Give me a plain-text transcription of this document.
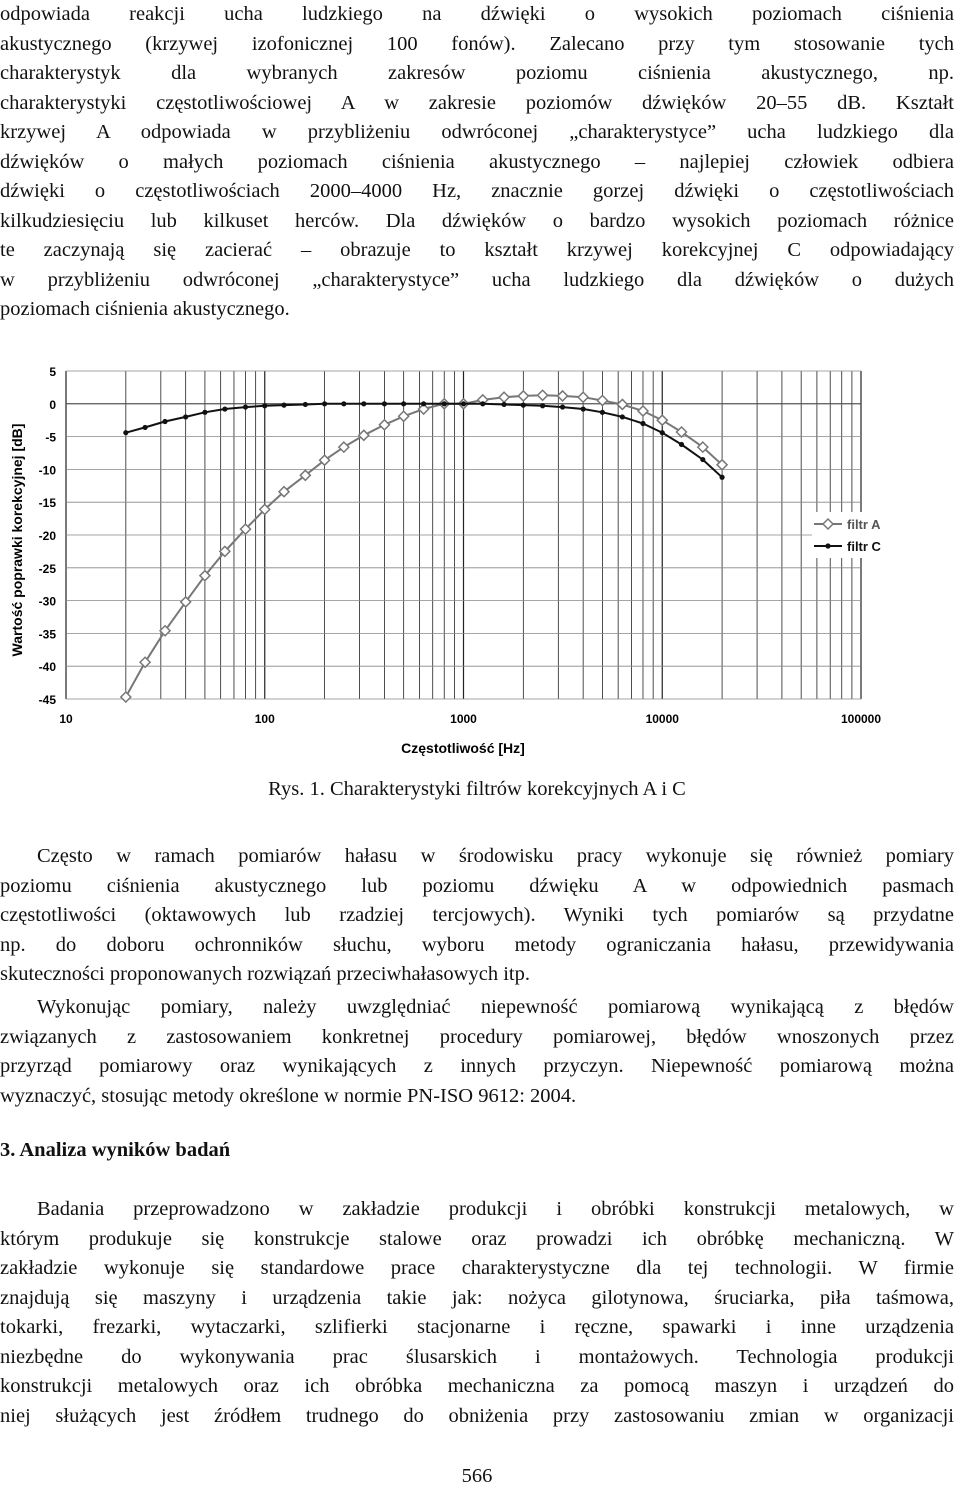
odpowiada reakcji ucha ludzkiego na dźwięki o wysokich poziomach ciśnienia
akustycznego (krzywej izofonicznej 100 fonów). Zalecano przy tym stosowanie tych
charakterystyk dla wybranych zakresów poziomu ciśnienia akustycznego, np.
charakterystyki częstotliwościowej A w zakresie poziomów dźwięków 20–55 dB. Kształt
krzywej A odpowiada w przybliżeniu odwróconej „charakterystyce” ucha ludzkiego dla
dźwięków o małych poziomach ciśnienia akustycznego – najlepiej człowiek odbiera
dźwięki o częstotliwościach 2000–4000 Hz, znacznie gorzej dźwięki o częstotliwościach
kilkudziesięciu lub kilkuset herców. Dla dźwięków o bardzo wysokich poziomach różnice
te zaczynają się zacierać – obrazuje to kształt krzywej korekcyjnej C odpowiadający
w przybliżeniu odwróconej „charakterystyce” ucha ludzkiego dla dźwięków o dużych
poziomach ciśnienia akustycznego.

5
0
-5
-10
-15
-20
-25
-30
-35
-40
-45
10	100	1000	10000	100000
Wartość poprawki korekcyjnej [dB]
Częstotliwość [Hz]
filtr A
filtr C
Rys. 1. Charakterystyki filtrów korekcyjnych A i C

Często w ramach pomiarów hałasu w środowisku pracy wykonuje się również pomiary
poziomu ciśnienia akustycznego lub poziomu dźwięku A w odpowiednich pasmach
częstotliwości (oktawowych lub rzadziej tercjowych). Wyniki tych pomiarów są przydatne
np. do doboru ochronników słuchu, wyboru metody ograniczania hałasu, przewidywania
skuteczności proponowanych rozwiązań przeciwhałasowych itp.

Wykonując pomiary, należy uwzględniać niepewność pomiarową wynikającą z błędów
związanych z zastosowaniem konkretnej procedury pomiarowej, błędów wnoszonych przez
przyrząd pomiarowy oraz wynikających z innych przyczyn. Niepewność pomiarową można
wyznaczyć, stosując metody określone w normie PN-ISO 9612: 2004.

3. Analiza wyników badań

Badania przeprowadzono w zakładzie produkcji i obróbki konstrukcji metalowych, w
którym produkuje się konstrukcje stalowe oraz prowadzi ich obróbkę mechaniczną. W
zakładzie wykonuje się standardowe prace charakterystyczne dla tej technologii. W firmie
znajdują się maszyny i urządzenia takie jak: nożyca gilotynowa, śruciarka, piła taśmowa,
tokarki, frezarki, wytaczarki, szlifierki stacjonarne i ręczne, spawarki i inne urządzenia
niezbędne do wykonywania prac ślusarskich i montażowych. Technologia produkcji
konstrukcji metalowych oraz ich obróbka mechaniczna za pomocą maszyn i urządzeń do
niej służących jest źródłem trudnego do obniżenia przy zastosowaniu zmian w organizacji

566
